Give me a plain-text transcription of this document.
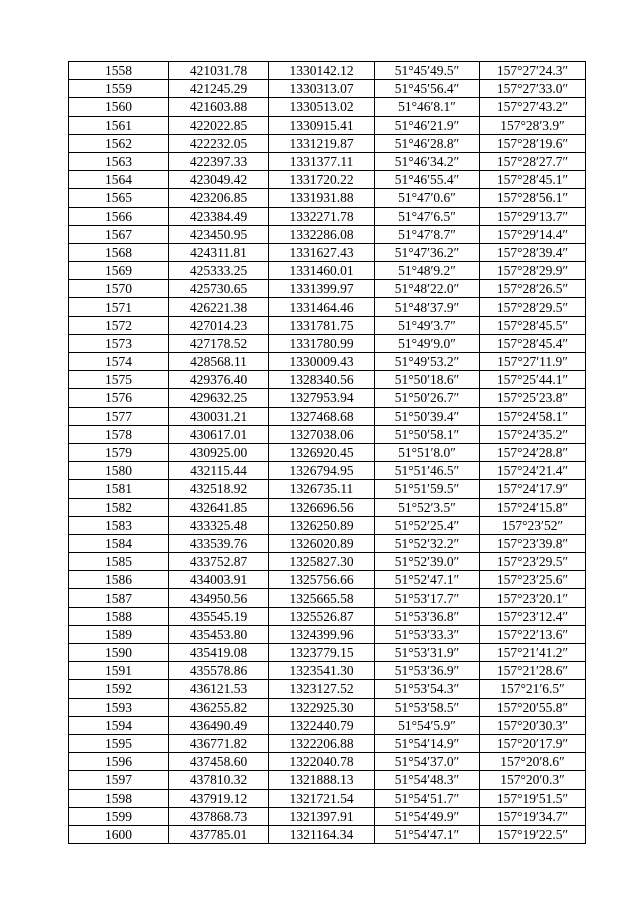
1558	421031.78	1330142.12	51°45′49.5″	157°27′24.3″
1559	421245.29	1330313.07	51°45′56.4″	157°27′33.0″
1560	421603.88	1330513.02	51°46′8.1″	157°27′43.2″
1561	422022.85	1330915.41	51°46′21.9″	157°28′3.9″
1562	422232.05	1331219.87	51°46′28.8″	157°28′19.6″
1563	422397.33	1331377.11	51°46′34.2″	157°28′27.7″
1564	423049.42	1331720.22	51°46′55.4″	157°28′45.1″
1565	423206.85	1331931.88	51°47′0.6″	157°28′56.1″
1566	423384.49	1332271.78	51°47′6.5″	157°29′13.7″
1567	423450.95	1332286.08	51°47′8.7″	157°29′14.4″
1568	424311.81	1331627.43	51°47′36.2″	157°28′39.4″
1569	425333.25	1331460.01	51°48′9.2″	157°28′29.9″
1570	425730.65	1331399.97	51°48′22.0″	157°28′26.5″
1571	426221.38	1331464.46	51°48′37.9″	157°28′29.5″
1572	427014.23	1331781.75	51°49′3.7″	157°28′45.5″
1573	427178.52	1331780.99	51°49′9.0″	157°28′45.4″
1574	428568.11	1330009.43	51°49′53.2″	157°27′11.9″
1575	429376.40	1328340.56	51°50′18.6″	157°25′44.1″
1576	429632.25	1327953.94	51°50′26.7″	157°25′23.8″
1577	430031.21	1327468.68	51°50′39.4″	157°24′58.1″
1578	430617.01	1327038.06	51°50′58.1″	157°24′35.2″
1579	430925.00	1326920.45	51°51′8.0″	157°24′28.8″
1580	432115.44	1326794.95	51°51′46.5″	157°24′21.4″
1581	432518.92	1326735.11	51°51′59.5″	157°24′17.9″
1582	432641.85	1326696.56	51°52′3.5″	157°24′15.8″
1583	433325.48	1326250.89	51°52′25.4″	157°23′52″
1584	433539.76	1326020.89	51°52′32.2″	157°23′39.8″
1585	433752.87	1325827.30	51°52′39.0″	157°23′29.5″
1586	434003.91	1325756.66	51°52′47.1″	157°23′25.6″
1587	434950.56	1325665.58	51°53′17.7″	157°23′20.1″
1588	435545.19	1325526.87	51°53′36.8″	157°23′12.4″
1589	435453.80	1324399.96	51°53′33.3″	157°22′13.6″
1590	435419.08	1323779.15	51°53′31.9″	157°21′41.2″
1591	435578.86	1323541.30	51°53′36.9″	157°21′28.6″
1592	436121.53	1323127.52	51°53′54.3″	157°21′6.5″
1593	436255.82	1322925.30	51°53′58.5″	157°20′55.8″
1594	436490.49	1322440.79	51°54′5.9″	157°20′30.3″
1595	436771.82	1322206.88	51°54′14.9″	157°20′17.9″
1596	437458.60	1322040.78	51°54′37.0″	157°20′8.6″
1597	437810.32	1321888.13	51°54′48.3″	157°20′0.3″
1598	437919.12	1321721.54	51°54′51.7″	157°19′51.5″
1599	437868.73	1321397.91	51°54′49.9″	157°19′34.7″
1600	437785.01	1321164.34	51°54′47.1″	157°19′22.5″
